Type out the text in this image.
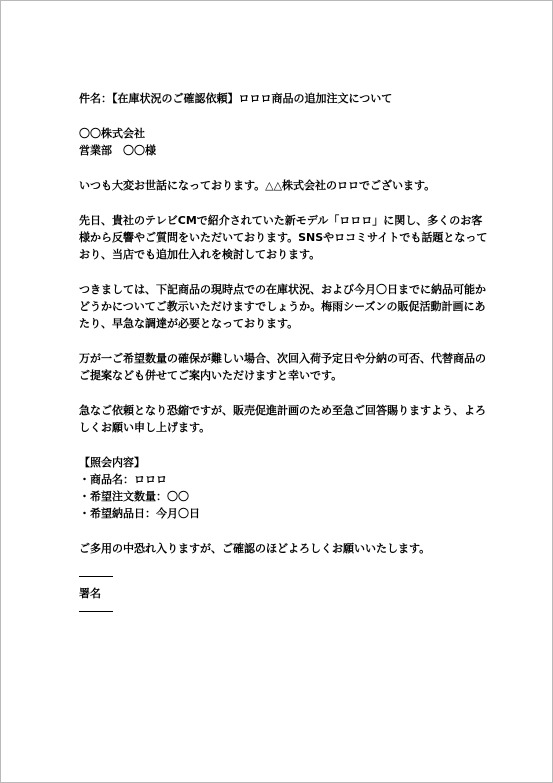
件名：【在庫状況のご確認依頼】ロロロ商品の追加注文について

〇〇株式会社

営業部　〇〇様

いつも大変お世話になっております。△△株式会社のロロでございます。

先日、貴社のテレビCMで紹介されていた新モデル「ロロロ」に関し、多くのお客様から反響やご質問をいただいております。SNSやロコミサイトでも話題となっており、当店でも追加仕入れを検討しております。

つきましては、下記商品の現時点での在庫状況、および今月〇日までに納品可能かどうかについてご教示いただけますでしょうか。梅雨シーズンの販促活動計画にあたり、早急な調達が必要となっております。

万が一ご希望数量の確保が難しい場合、次回入荷予定日や分納の可否、代替商品のご提案なども併せてご案内いただけますと幸いです。

急なご依頼となり恐縮ですが、販売促進計画のため至急ご回答賜りますよう、よろしくお願い申し上げます。

【照会内容】

・商品名：ロロロ
・希望注文数量：〇〇
・希望納品日：今月〇日

ご多用の中恐れ入りますが、ご確認のほどよろしくお願いいたします。

署名
